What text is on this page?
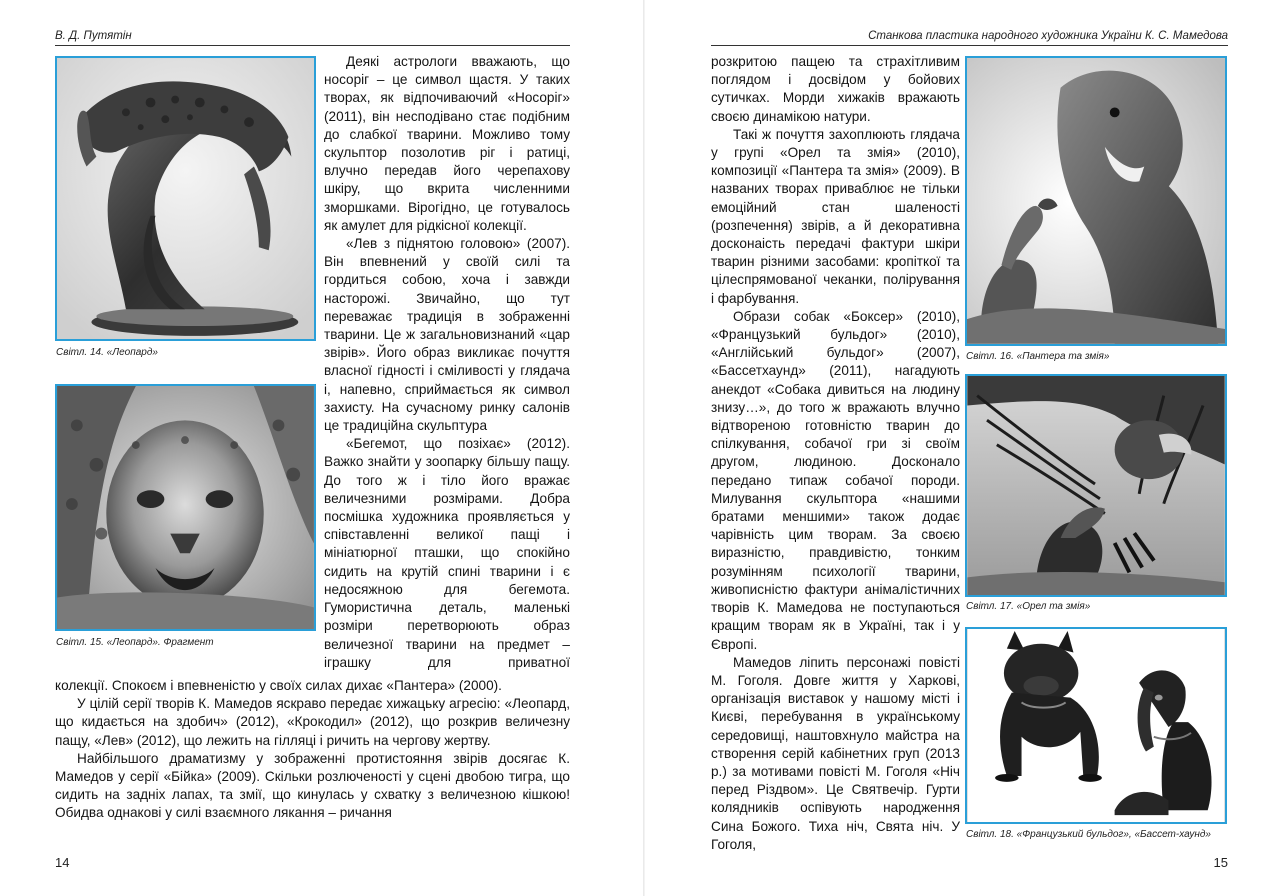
В. Д. Путятін
Світл. 14. «Леопард»
Світл. 15. «Леопард». Фрагмент

Деякі астрологи вважають, що носоріг – це символ щастя. У таких творах, як відпочиваючий «Носоріг» (2011), він несподівано стає подібним до слабкої тварини. Можливо тому скульптор позолотив ріг і ратиці, влучно передав його черепахову шкіру, що вкрита численними зморшками. Вірогідно, це готувалось як амулет для рідкісної колекції.

«Лев з піднятою головою» (2007). Він впевнений у своїй силі та гордиться собою, хоча і завжди насторожі. Звичайно, що тут переважає традиція в зображенні тварини. Це ж загальновизнаний «цар звірів». Його образ викликає почуття власної гідності і сміливості у глядача і, напевно, сприймається як символ захисту. На сучасному ринку салонів це традиційна скульптура

«Бегемот, що позіхає» (2012). Важко знайти у зоопарку більшу пащу. До того ж і тіло його вражає величезними розмірами. Добра посмішка художника проявляється у співставленні великої пащі і мініатюрної пташки, що спокійно сидить на крутій спині тварини і є недосяжною для бегемота. Гумористична деталь, маленькі розміри перетворюють образ величезної тварини на предмет – іграшку для приватної

колекції. Спокоєм і впевненістю у своїх силах дихає «Пантера» (2000).

У цілій серії творів К. Мамедов яскраво передає хижацьку агресію: «Леопард, що кидається на здобич» (2012), «Крокодил» (2012), що розкрив величезну пащу, «Лев» (2012), що лежить на гілляці і ричить на чергову жертву.

Найбільшого драматизму у зображенні протистояння звірів досягає К. Мамедов у серії «Бійка» (2009). Скільки розлюченості у сцені двобою тигра, що сидить на задніх лапах, та змії, що кинулась у схватку з величезною кішкою! Обидва однакові у силі взаємного лякання – ричання

14
Станкова пластика народного художника України К. С. Мамедова

розкритою пащею та страхітливим поглядом і досвідом у бойових сутичках. Морди хижаків вражають своєю динамікою натури.

Такі ж почуття захоплюють глядача у групі «Орел та змія» (2010), композиції «Пантера та змія» (2009). В названих творах приваблює не тільки емоційний стан шаленості (розпечення) звірів, а й декоративна досконаість передачі фактури шкіри тварин різними засобами: кропіткої та цілеспрямованої чеканки, полірування і фарбування.

Образи собак «Боксер» (2010), «Французький бульдог» (2010), «Англійський бульдог» (2007), «Бассетхаунд» (2011), нагадують анекдот «Собака дивиться на людину знизу…», до того ж вражають влучно відтвореною готовністю тварин до спілкування, собачої гри зі своїм другом, людиною. Досконало передано типаж собачої породи. Милування скульптора «нашими братами меншими» також додає чарівність цим творам. За своєю виразністю, правдивістю, тонким розумінням психології тварини, живописністю фактури анімалістичних творів К. Мамедова не поступаються кращим творам як в Україні, так і у Європі.

Мамедов ліпить персонажі повісті М. Гоголя. Довге життя у Харкові, організація виставок у нашому місті і Києві, перебування в українському середовищі, наштовхнуло майстра на створення серій кабінетних груп (2013 р.) за мотивами повісті М. Гоголя «Ніч перед Різдвом». Це Святвечір. Гурти колядників оспівують народження Сина Божого. Тиха ніч, Свята ніч. У Гоголя,

Світл. 16. «Пантера та змія»
Світл. 17. «Орел та змія»
Світл. 18. «Французький бульдог», «Бассет-хаунд»
15
